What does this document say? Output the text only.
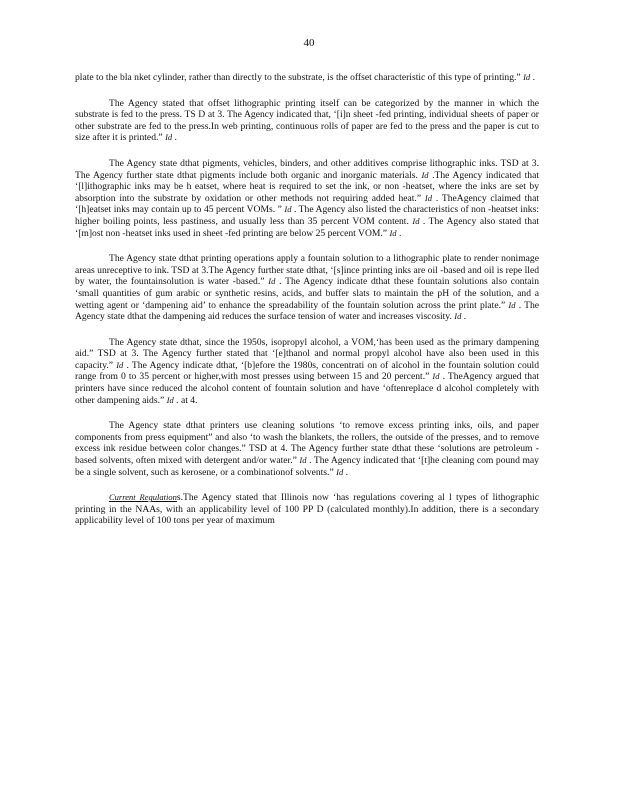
40

plate to the bla nket cylinder, rather than directly to the substrate, is the offset characteristic of this type of printing.” Id .

The Agency stated that offset lithographic printing itself can be categorized by the manner in which the substrate is fed to the press. TS D at 3. The Agency indicated that, ‘[i]n sheet -fed printing, individual sheets of paper or other substrate are fed to the press.In web printing, continuous rolls of paper are fed to the press and the paper is cut to size after it is printed.” Id .

The Agency state dthat pigments, vehicles, binders, and other additives comprise lithographic inks. TSD at 3. The Agency further state dthat pigments include both organic and inorganic materials. Id .The Agency indicated that ‘[l]ithographic inks may be h eatset, where heat is required to set the ink, or non -heatset, where the inks are set by absorption into the substrate by oxidation or other methods not requiring added heat.” Id . TheAgency claimed that ‘[h]eatset inks may contain up to 45 percent VOMs. ” Id . The Agency also listed the characteristics of non -heatset inks: higher boiling points, less pastiness, and usually less than 35 percent VOM content. Id . The Agency also stated that ‘[m]ost non -heatset inks used in sheet -fed printing are below 25 percent VOM.” Id .

The Agency state dthat printing operations apply a fountain solution to a lithographic plate to render nonimage areas unreceptive to ink. TSD at 3.The Agency further state dthat, ‘[s]ince printing inks are oil -based and oil is repe lled by water, the fountainsolution is water -based.” Id . The Agency indicate dthat these fountain solutions also contain ‘small quantities of gum arabic or synthetic resins, acids, and buffer slats to maintain the pH of the solution, and a wetting agent or ‘dampening aid’ to enhance the spreadability of the fountain solution across the print plate.” Id . The Agency state dthat the dampening aid reduces the surface tension of water and increases viscosity. Id .

The Agency state dthat, since the 1950s, isopropyl alcohol, a VOM,‘has been used as the primary dampening aid.” TSD at 3. The Agency further stated that ‘[e]thanol and normal propyl alcohol have also been used in this capacity.” Id . The Agency indicate dthat, ‘[b]efore the 1980s, concentrati on of alcohol in the fountain solution could range from 0 to 35 percent or higher,with most presses using between 15 and 20 percent.” Id . TheAgency argued that printers have since reduced the alcohol content of fountain solution and have ‘oftenreplace d alcohol completely with other dampening aids.” Id . at 4.

The Agency state dthat printers use cleaning solutions ‘to remove excess printing inks, oils, and paper components from press equipment” and also ‘to wash the blankets, the rollers, the outside of the presses, and to remove excess ink residue between color changes.” TSD at 4. The Agency further state dthat these ‘solutions are petroleum - based solvents, often mixed with detergent and/or water.” Id . The Agency indicated that ‘[t]he cleaning com pound may be a single solvent, such as kerosene, or a combinationof solvents.” Id .

Current Regulations.The Agency stated that Illinois now ‘has regulations covering al l types of lithographic printing in the NAAs, with an applicability level of 100 PP D (calculated monthly).In addition, there is a secondary applicability level of 100 tons per year of maximum
